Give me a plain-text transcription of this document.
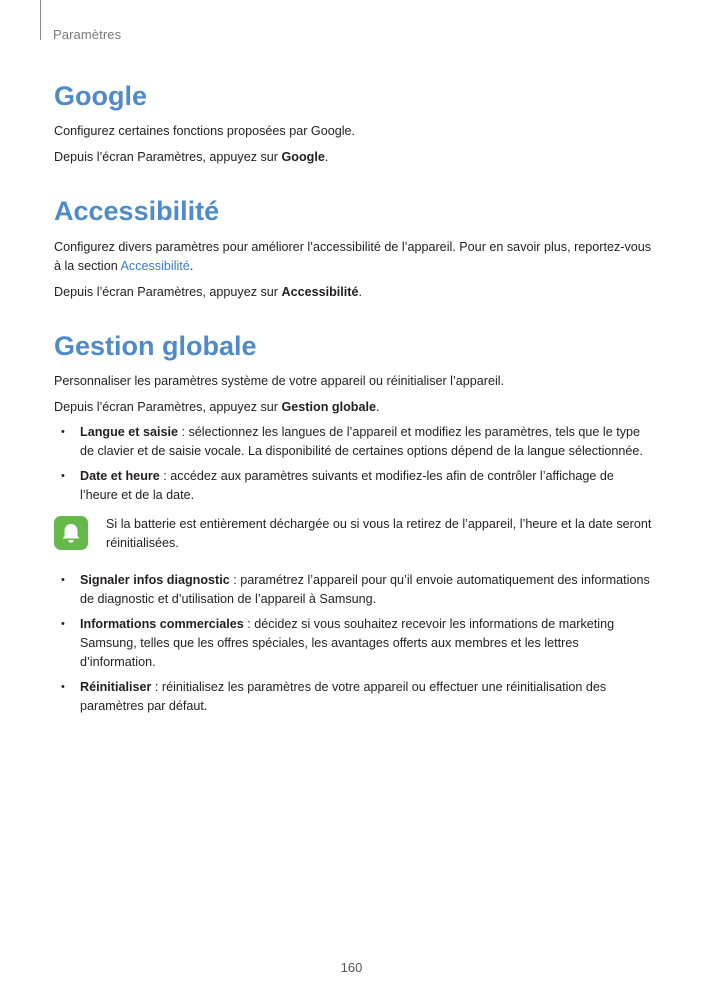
Paramètres
Google

Configurez certaines fonctions proposées par Google.

Depuis l’écran Paramètres, appuyez sur Google.

Accessibilité

Configurez divers paramètres pour améliorer l’accessibilité de l’appareil. Pour en savoir plus, reportez-vous à la section Accessibilité.

Depuis l’écran Paramètres, appuyez sur Accessibilité.

Gestion globale

Personnaliser les paramètres système de votre appareil ou réinitialiser l’appareil.

Depuis l’écran Paramètres, appuyez sur Gestion globale.

• Langue et saisie : sélectionnez les langues de l’appareil et modifiez les paramètres, tels que le type de clavier et de saisie vocale. La disponibilité de certaines options dépend de la langue sélectionnée.
• Date et heure : accédez aux paramètres suivants et modifiez-les afin de contrôler l’affichage de l’heure et de la date.
Si la batterie est entièrement déchargée ou si vous la retirez de l’appareil, l’heure et la date seront réinitialisées.
• Signaler infos diagnostic : paramétrez l’appareil pour qu’il envoie automatiquement des informations de diagnostic et d’utilisation de l’appareil à Samsung.
• Informations commerciales : décidez si vous souhaitez recevoir les informations de marketing Samsung, telles que les offres spéciales, les avantages offerts aux membres et les lettres d’information.
• Réinitialiser : réinitialisez les paramètres de votre appareil ou effectuer une réinitialisation des paramètres par défaut.
160
